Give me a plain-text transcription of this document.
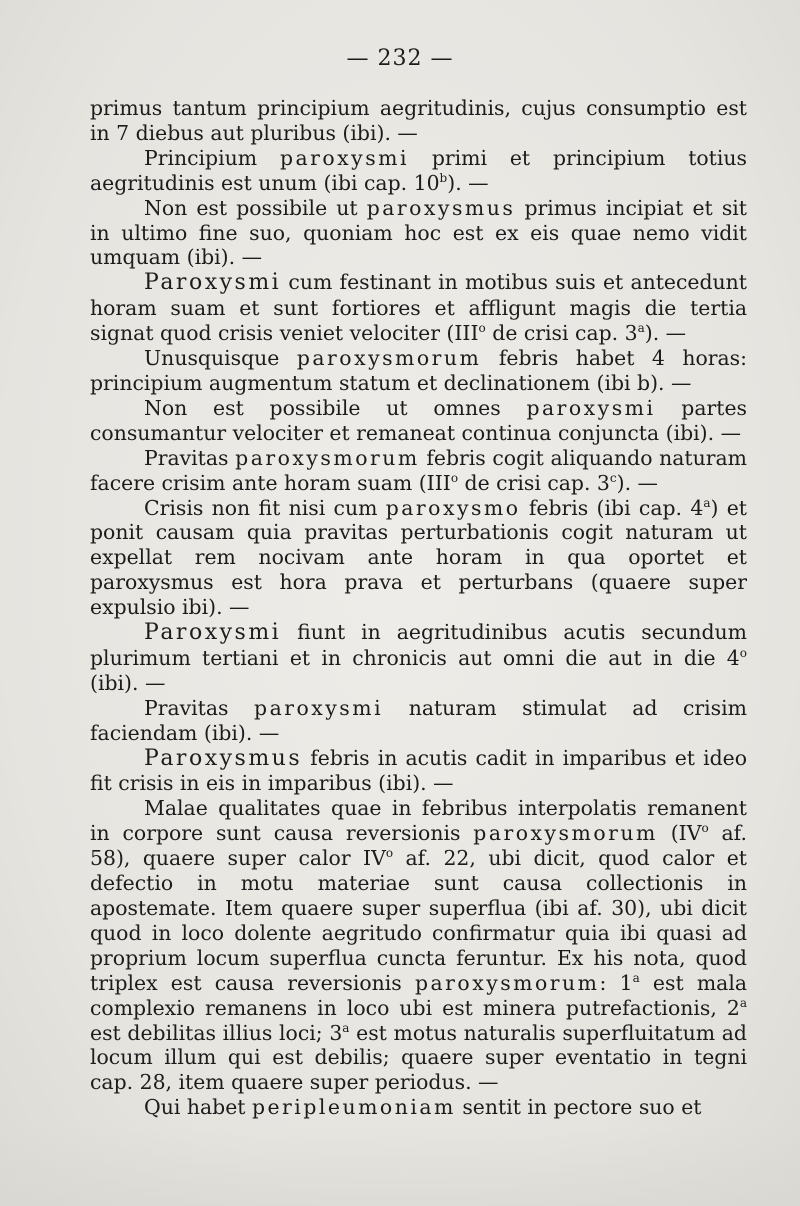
— 232 —

primus tantum principium aegritudinis, cujus consumptio est in 7 diebus aut pluribus (ibi). —

Principium paroxysmi primi et principium totius aegritudinis est unum (ibi cap. 10$^b$). —

Non est possibile ut paroxysmus primus incipiat et sit in ultimo fine suo, quoniam hoc est ex eis quae nemo vidit umquam (ibi). —

Paroxysmi cum festinant in motibus suis et antecedunt horam suam et sunt fortiores et affligunt magis die tertia signat quod crisis veniet velociter (III$^o$ de crisi cap. 3$^a$). —

Unusquisque paroxysmorum febris habet 4 horas: principium augmentum statum et declinationem (ibi b). —

Non est possibile ut omnes paroxysmi partes consumantur velociter et remaneat continua conjuncta (ibi). —

Pravitas paroxysmorum febris cogit aliquando naturam facere crisim ante horam suam (III$^o$ de crisi cap. 3$^c$). —

Crisis non fit nisi cum paroxysmo febris (ibi cap. 4$^a$) et ponit causam quia pravitas perturbationis cogit naturam ut expellat rem nocivam ante horam in qua oportet et paroxysmus est hora prava et perturbans (quaere super expulsio ibi). —

Paroxysmi fiunt in aegritudinibus acutis secundum plurimum tertiani et in chronicis aut omni die aut in die 4$^o$ (ibi). —

Pravitas paroxysmi naturam stimulat ad crisim faciendam (ibi). —

Paroxysmus febris in acutis cadit in imparibus et ideo fit crisis in eis in imparibus (ibi). —

Malae qualitates quae in febribus interpolatis remanent in corpore sunt causa reversionis paroxysmorum ($IV^o$ af. 58), quaere super calor $IV^o$ af. 22, ubi dicit, quod calor et defectio in motu materiae sunt causa collectionis in apostemate. Item quaere super superflua (ibi af. 30), ubi dicit quod in loco dolente aegritudo confirmatur quia ibi quasi ad proprium locum superflua cuncta feruntur. Ex his nota, quod triplex est causa reversionis paroxysmorum: 1$^a$ est mala complexio remanens in loco ubi est minera putrefactionis, 2$^a$ est debilitas illius loci; 3$^a$ est motus naturalis superfluitatum ad locum illum qui est debilis; quaere super eventatio in tegni cap. 28, item quaere super periodus. —

Qui habet peripleumoniam sentit in pectore suo et
